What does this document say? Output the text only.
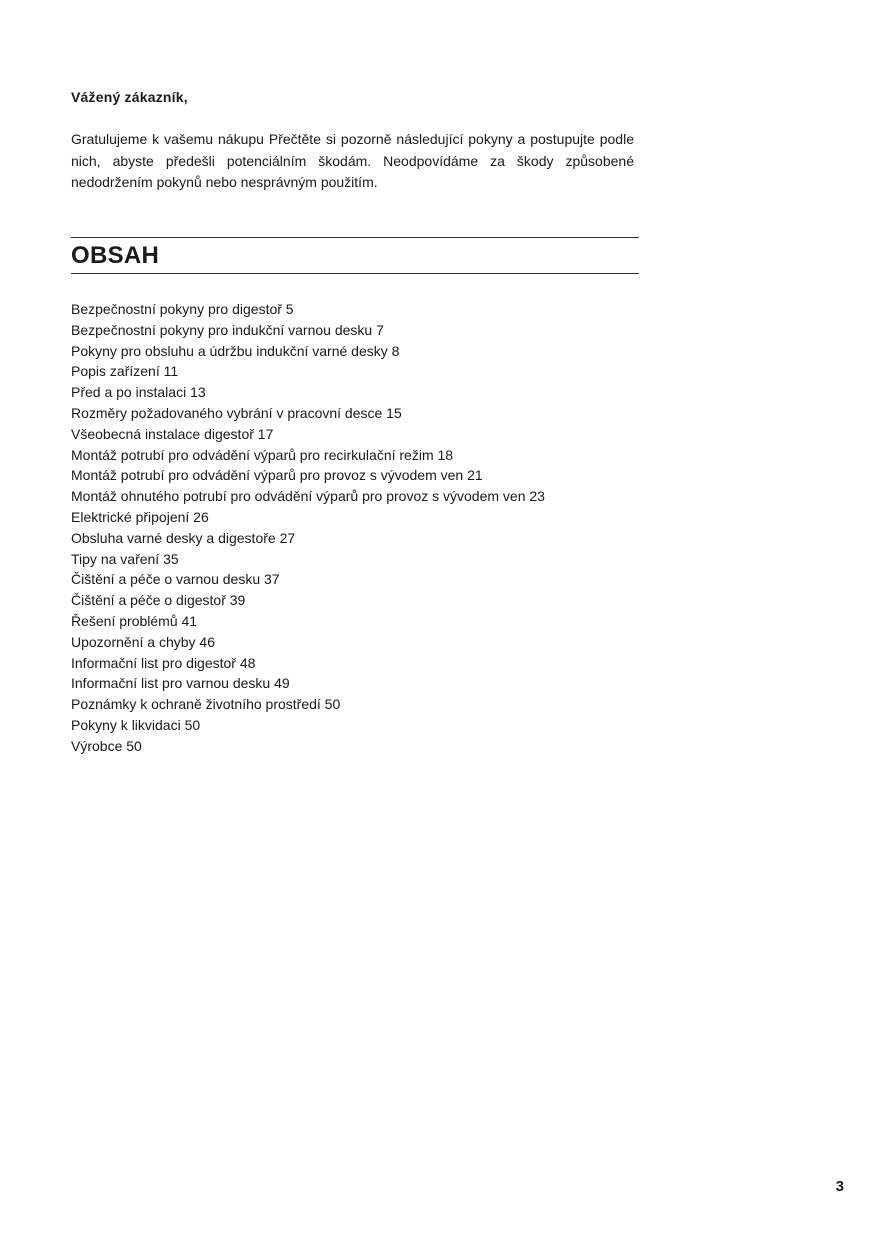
Vážený zákazník,

Gratulujeme k vašemu nákupu Přečtěte si pozorně následující pokyny a postupujte podle nich, abyste předešli potenciálním škodám. Neodpovídáme za škody způsobené nedodržením pokynů nebo nesprávným použitím.

OBSAH
Bezpečnostní pokyny pro digestoř 5
Bezpečnostní pokyny pro indukční varnou desku 7
Pokyny pro obsluhu a údržbu indukční varné desky 8
Popis zařízení 11
Před a po instalaci 13
Rozměry požadovaného vybrání v pracovní desce 15
Všeobecná instalace digestoř 17
Montáž potrubí pro odvádění výparů pro recirkulační režim 18
Montáž potrubí pro odvádění výparů pro provoz s vývodem ven 21
Montáž ohnutého potrubí pro odvádění výparů pro provoz s vývodem ven 23
Elektrické připojení 26
Obsluha varné desky a digestoře 27
Tipy na vaření 35
Čištění a péče o varnou desku 37
Čištění a péče o digestoř 39
Řešení problémů 41
Upozornění a chyby 46
Informační list pro digestoř 48
Informační list pro varnou desku 49
Poznámky k ochraně životního prostředí 50
Pokyny k likvidaci 50
Výrobce 50
3
